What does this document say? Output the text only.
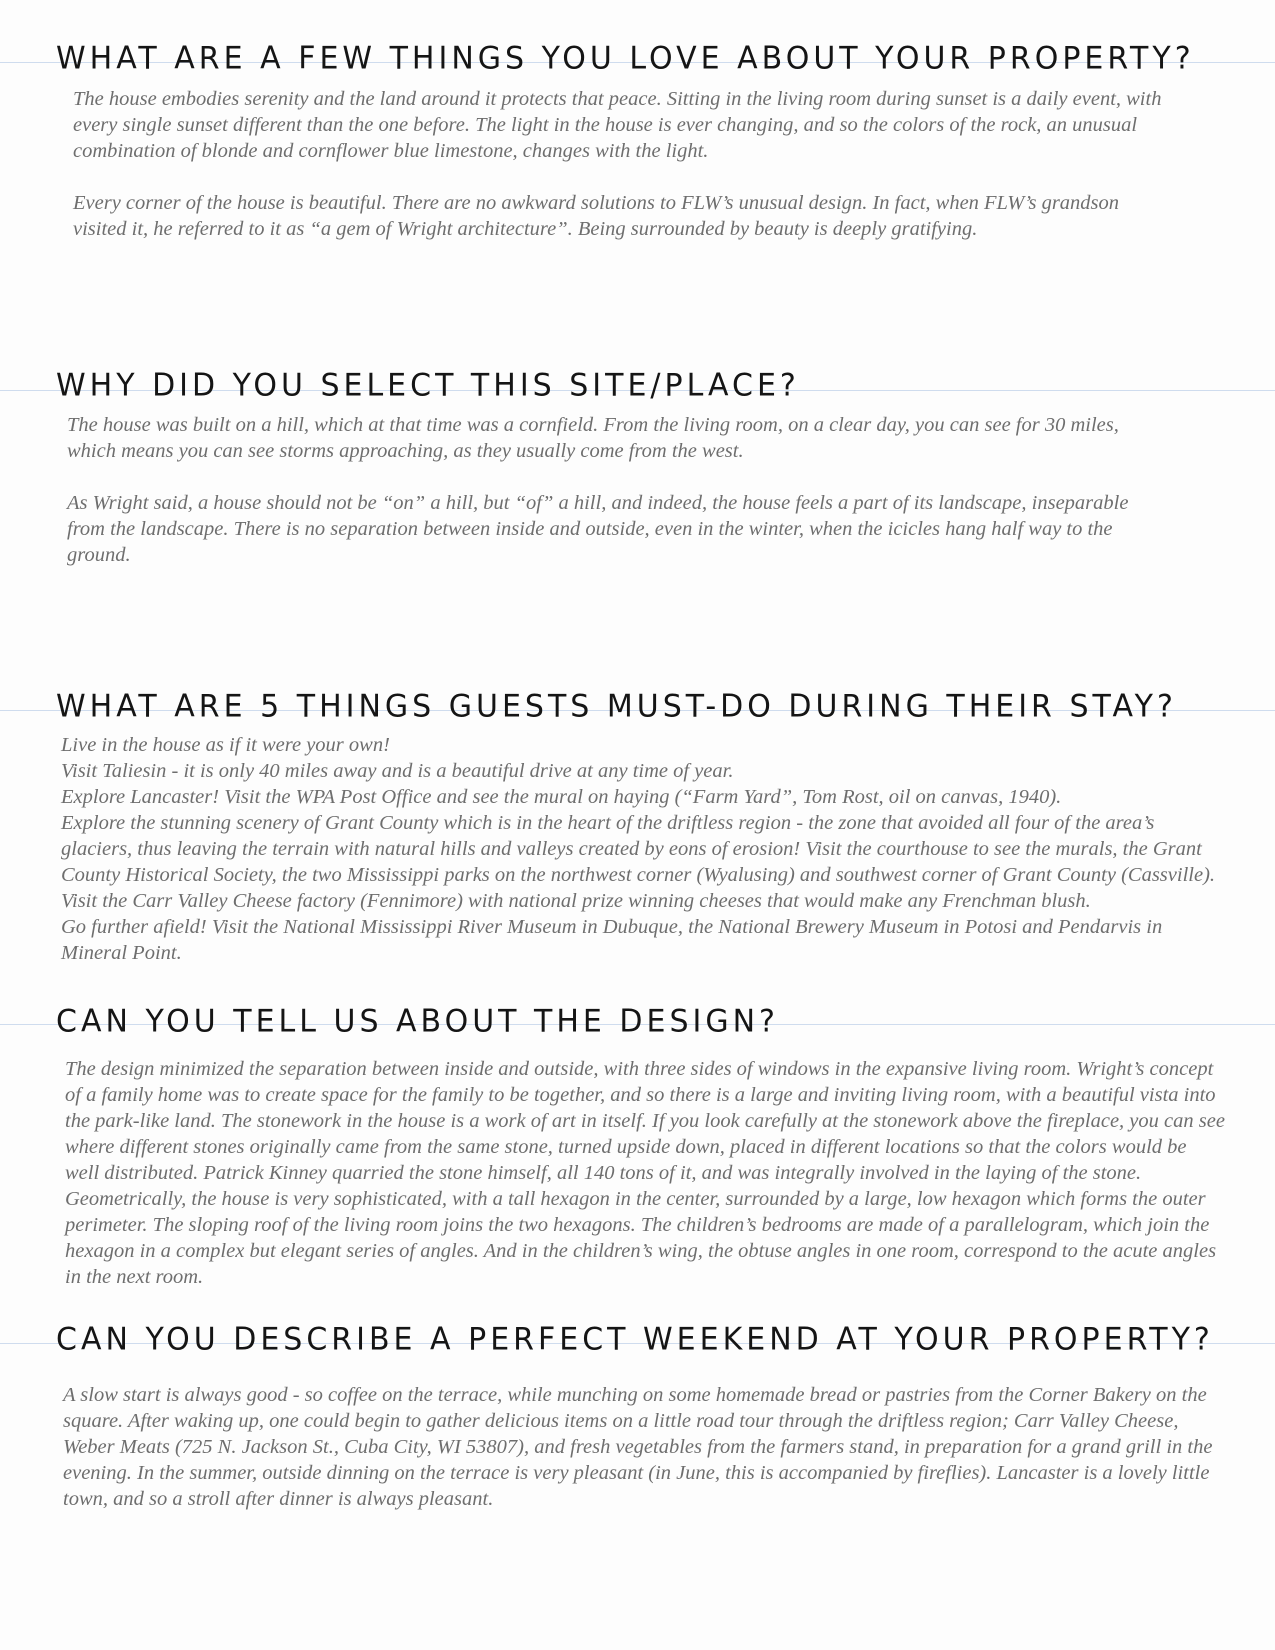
WHAT ARE A FEW THINGS YOU LOVE ABOUT YOUR PROPERTY?

The house embodies serenity and the land around it protects that peace. Sitting in the living room during sunset is a daily event, with every single sunset different than the one before. The light in the house is ever changing, and so the colors of the rock, an unusual combination of blonde and cornflower blue limestone, changes with the light.

Every corner of the house is beautiful. There are no awkward solutions to FLW’s unusual design. In fact, when FLW’s grandson visited it, he referred to it as “a gem of Wright architecture”. Being surrounded by beauty is deeply gratifying.

WHY DID YOU SELECT THIS SITE/PLACE?

The house was built on a hill, which at that time was a cornfield. From the living room, on a clear day, you can see for 30 miles, which means you can see storms approaching, as they usually come from the west.

As Wright said, a house should not be “on” a hill, but “of” a hill, and indeed, the house feels a part of its landscape, inseparable from the landscape. There is no separation between inside and outside, even in the winter, when the icicles hang half way to the ground.

WHAT ARE 5 THINGS GUESTS MUST-DO DURING THEIR STAY?
Live in the house as if it were your own!
Visit Taliesin - it is only 40 miles away and is a beautiful drive at any time of year.
Explore Lancaster! Visit the WPA Post Office and see the mural on haying (“Farm Yard”, Tom Rost, oil on canvas, 1940).
Explore the stunning scenery of Grant County which is in the heart of the driftless region - the zone that avoided all four of the area’s glaciers, thus leaving the terrain with natural hills and valleys created by eons of erosion! Visit the courthouse to see the murals, the Grant County Historical Society, the two Mississippi parks on the northwest corner (Wyalusing) and southwest corner of Grant County (Cassville). Visit the Carr Valley Cheese factory (Fennimore) with national prize winning cheeses that would make any Frenchman blush.
Go further afield! Visit the National Mississippi River Museum in Dubuque, the National Brewery Museum in Potosi and Pendarvis in Mineral Point.
CAN YOU TELL US ABOUT THE DESIGN?

The design minimized the separation between inside and outside, with three sides of windows in the expansive living room. Wright’s concept of a family home was to create space for the family to be together, and so there is a large and inviting living room, with a beautiful vista into the park-like land. The stonework in the house is a work of art in itself. If you look carefully at the stonework above the fireplace, you can see where different stones originally came from the same stone, turned upside down, placed in different locations so that the colors would be well distributed. Patrick Kinney quarried the stone himself, all 140 tons of it, and was integrally involved in the laying of the stone. Geometrically, the house is very sophisticated, with a tall hexagon in the center, surrounded by a large, low hexagon which forms the outer perimeter. The sloping roof of the living room joins the two hexagons. The children’s bedrooms are made of a parallelogram, which join the hexagon in a complex but elegant series of angles. And in the children’s wing, the obtuse angles in one room, correspond to the acute angles in the next room.

CAN YOU DESCRIBE A PERFECT WEEKEND AT YOUR PROPERTY?

A slow start is always good - so coffee on the terrace, while munching on some homemade bread or pastries from the Corner Bakery on the square. After waking up, one could begin to gather delicious items on a little road tour through the driftless region; Carr Valley Cheese, Weber Meats (725 N. Jackson St., Cuba City, WI 53807), and fresh vegetables from the farmers stand, in preparation for a grand grill in the evening. In the summer, outside dinning on the terrace is very pleasant (in June, this is accompanied by fireflies). Lancaster is a lovely little town, and so a stroll after dinner is always pleasant.
